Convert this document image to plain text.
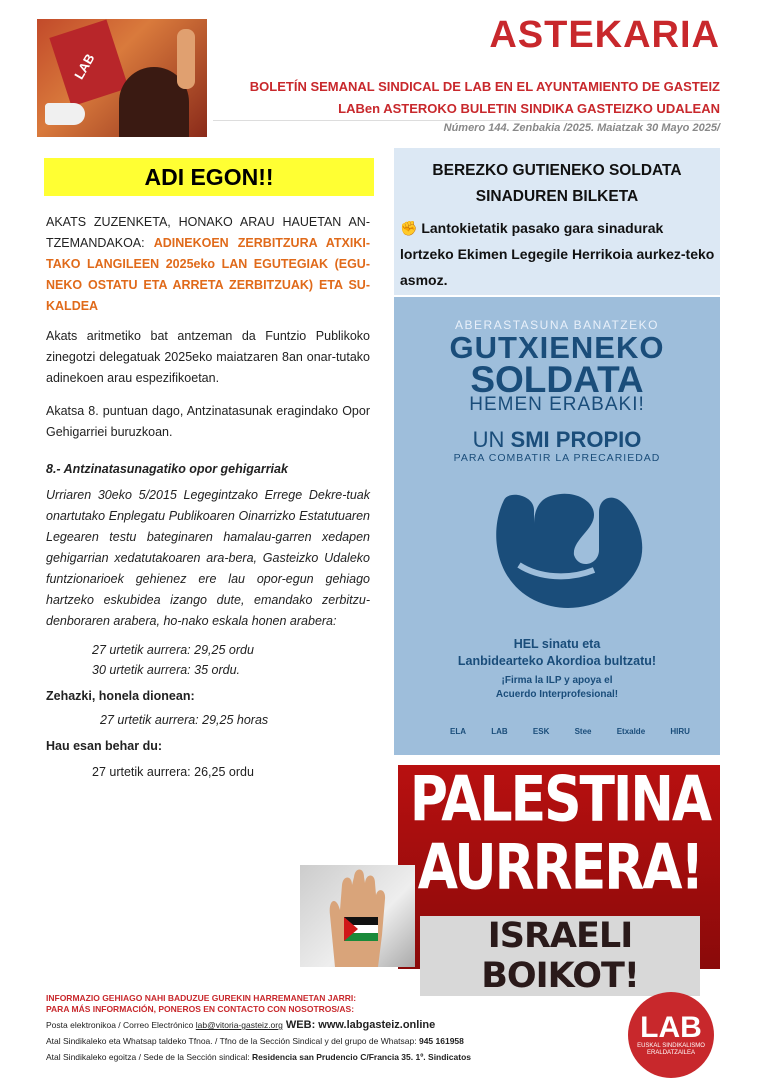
LAB
ASTEKARIA
BOLETÍN SEMANAL SINDICAL DE LAB EN EL AYUNTAMIENTO DE GASTEIZ
LABen ASTEROKO BULETIN SINDIKA GASTEIZKO UDALEAN
Número 144. Zenbakia /2025. Maiatzak 30 Mayo 2025/
ADI EGON!!
AKATS ZUZENKETA, HONAKO ARAU HAUETAN AN-TZEMANDAKOA: ADINEKOEN ZERBITZURA ATXIKI-TAKO LANGILEEN 2025eko LAN EGUTEGIAK (EGU-NEKO OSTATU ETA ARRETA ZERBITZUAK) ETA SU-KALDEA
Akats aritmetiko bat antzeman da Funtzio Publikoko zinegotzi delegatuak 2025eko maiatzaren 8an onar-tutako adinekoen arau espezifikoetan.
Akatsa 8. puntuan dago, Antzinatasunak eragindako Opor Gehigarriei buruzkoan.
8.- Antzinatasunagatiko opor gehigarriak
Urriaren 30eko 5/2015 Legegintzako Errege Dekre-tuak onartutako Enplegatu Publikoaren Oinarrizko Estatutuaren Legearen testu bateginaren hamalau-garren xedapen gehigarrian xedatutakoaren ara-bera, Gasteizko Udaleko funtzionarioek gehienez ere lau opor-egun gehiago hartzeko eskubidea izango dute, emandako zerbitzu-denboraren arabera, ho-nako eskala honen arabera:
27 urtetik aurrera: 29,25 ordu
30 urtetik aurrera: 35 ordu.
Zehazki, honela dionean:
27 urtetik aurrera: 29,25 horas
Hau esan behar du:
27 urtetik aurrera: 26,25 ordu
BEREZKO GUTIENEKO SOLDATA
SINADUREN BILKETA
✊ Lantokietatik pasako gara sinadurak lortzeko Ekimen Legegile Herrikoia aurkez-teko asmoz.
ABERASTASUNA BANATZEKO
GUTXIENEKO
SOLDATA
HEMEN ERABAKI!
UN SMI PROPIO
PARA COMBATIR LA PRECARIEDAD
HEL sinatu eta
Lanbidearteko Akordioa bultzatu!
¡Firma la ILP y apoya el
Acuerdo Interprofesional!
ELA	LAB	ESK	Stee	Etxalde	HIRU
PALESTINA
AURRERA!
ISRAELI BOIKOT!
INFORMAZIO GEHIAGO NAHI BADUZUE GUREKIN HARREMANETAN JARRI:
PARA MÁS INFORMACIÓN, PONEROS EN CONTACTO CON NOSOTROS/AS:
Posta elektronikoa / Correo Electrónico lab@vitoria-gasteiz.org WEB: www.labgasteiz.online
Atal Sindikaleko eta Whatsap taldeko Tfnoa. / Tfno de la Sección Sindical y del grupo de Whatsap: 945 161958
Atal Sindikaleko egoitza / Sede de la Sección sindical: Residencia san Prudencio C/Francia 35. 1º. Sindicatos
LAB
EUSKAL SINDIKALISMO ERALDATZAILEA
